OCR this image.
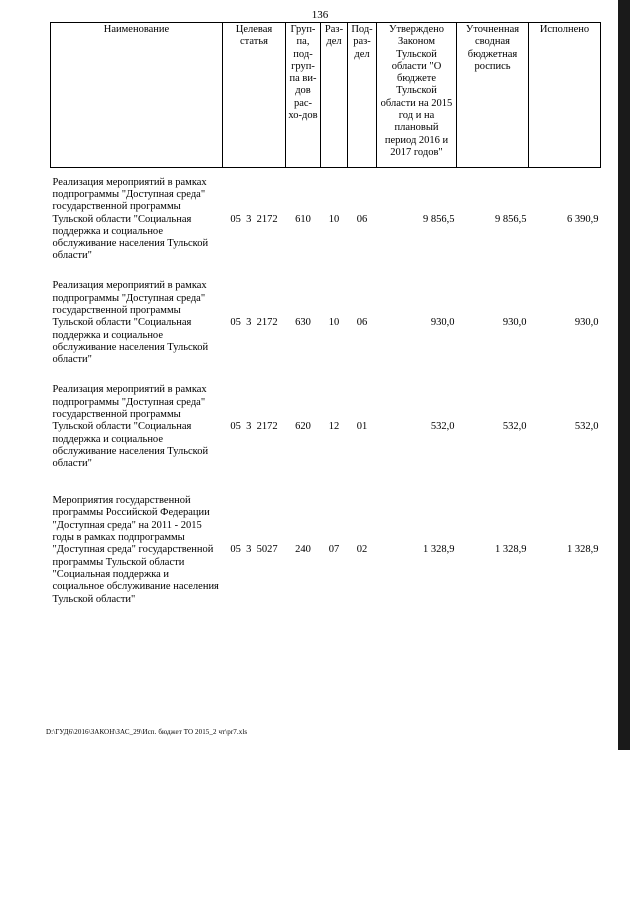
136
Наименование	Целевая статья	Груп-па, под-груп-па ви-дов рас-хо-дов	Раз-дел	Под-раз-дел	Утверждено Законом Тульской области "О бюджете Тульской области на 2015 год и на плановый период 2016 и 2017 годов"	Уточненная сводная бюджетная роспись	Исполнено
Реализация мероприятий в рамках подпрограммы "Доступная среда" государственной программы Тульской области "Социальная поддержка и социальное обслуживание населения Тульской области"	05 3 2172	610	10	06	9 856,5	9 856,5	6 390,9
Реализация мероприятий в рамках подпрограммы "Доступная среда" государственной программы Тульской области "Социальная поддержка и социальное обслуживание населения Тульской области"	05 3 2172	630	10	06	930,0	930,0	930,0
Реализация мероприятий в рамках подпрограммы "Доступная среда" государственной программы Тульской области "Социальная поддержка и социальное обслуживание населения Тульской области"	05 3 2172	620	12	01	532,0	532,0	532,0

Мероприятия государственной программы Российской Федерации "Доступная среда" на 2011 - 2015 годы в рамках подпрограммы "Доступная среда" государственной программы Тульской области "Социальная поддержка и социальное обслуживание населения Тульской области"	05 3 5027	240	07	02	1 328,9	1 328,9	1 328,9
D:\ГУД6\2016\ЗАКОН\ЗАС_29\Исп. бюджет ТО 2015_2 чт\pr7.xls
